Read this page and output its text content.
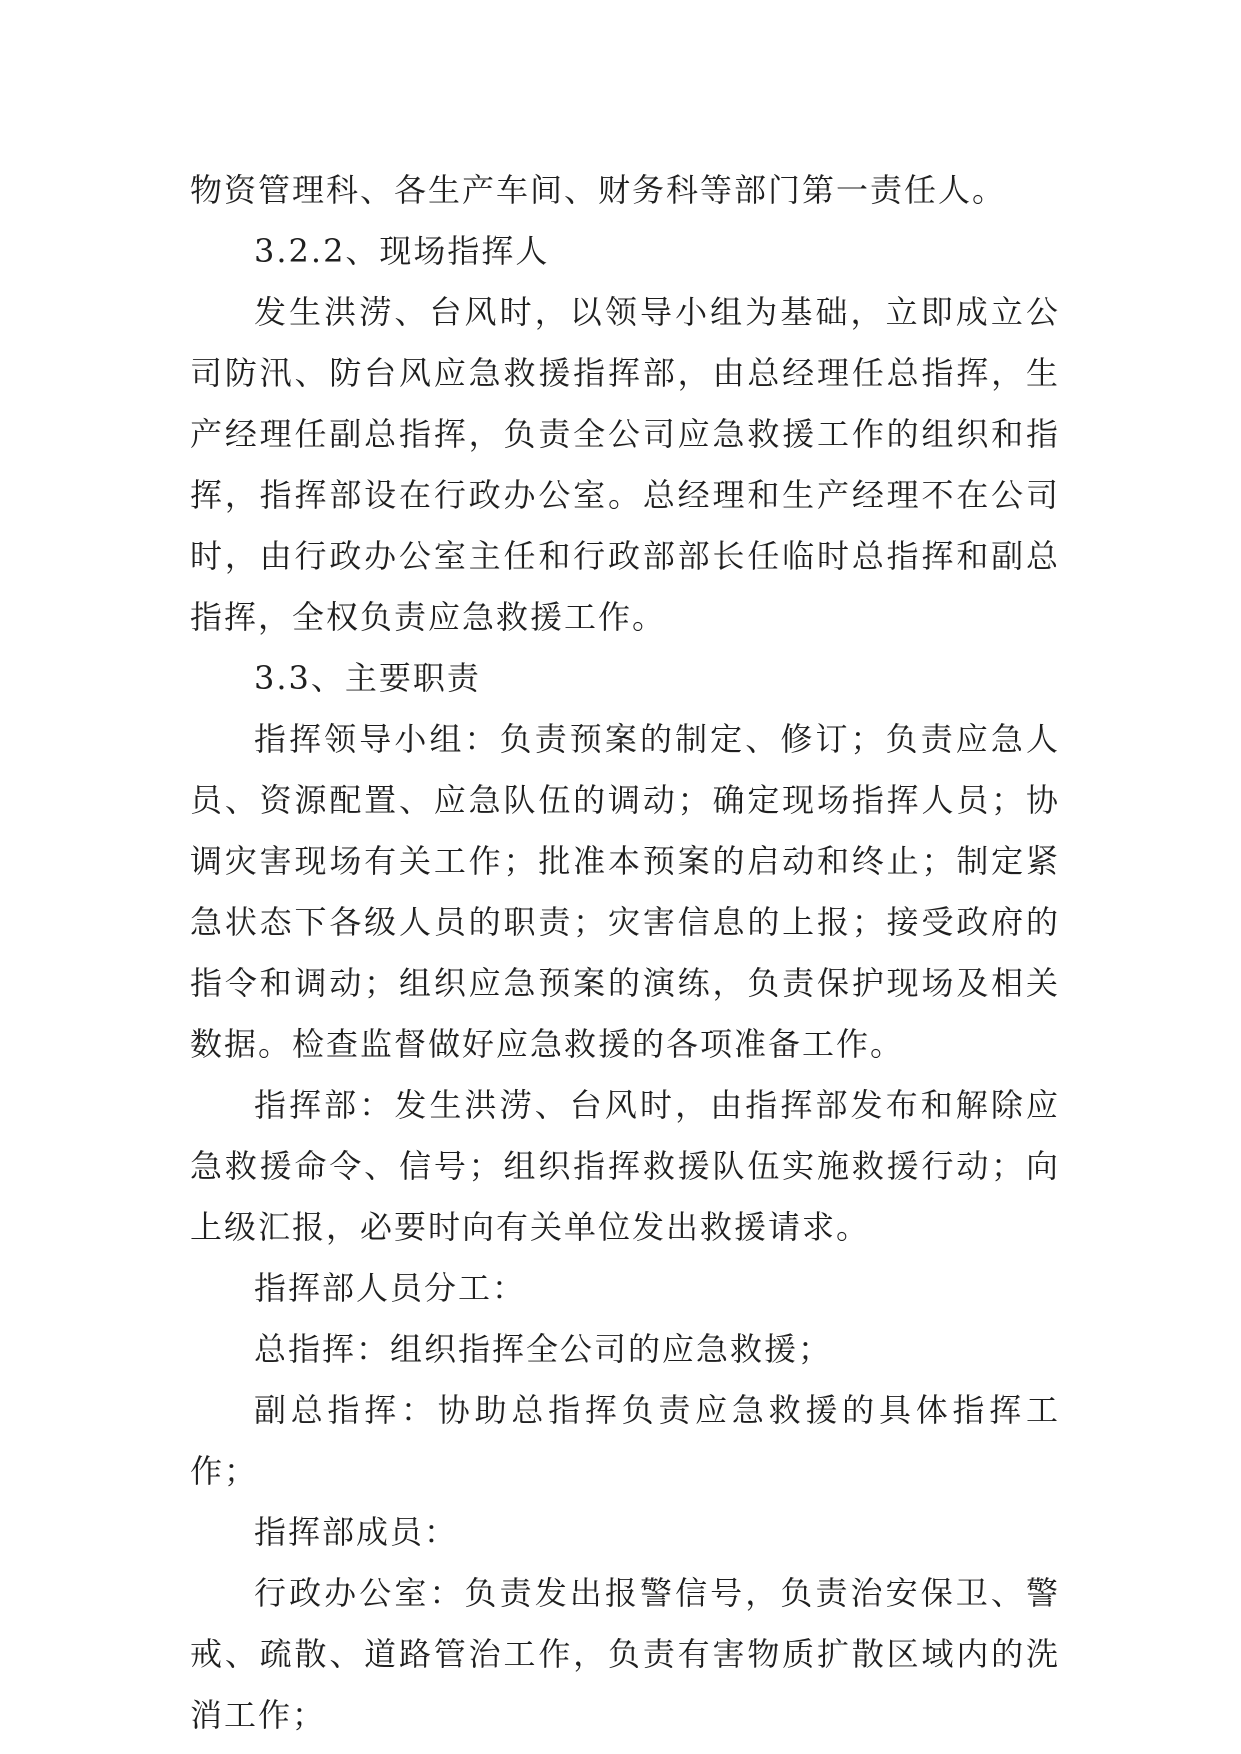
物资管理科、各生产车间、财务科等部门第一责任人。

3.2.2、现场指挥人

发生洪涝、台风时，以领导小组为基础，立即成立公司防汛、防台风应急救援指挥部，由总经理任总指挥，生产经理任副总指挥，负责全公司应急救援工作的组织和指挥，指挥部设在行政办公室。总经理和生产经理不在公司时，由行政办公室主任和行政部部长任临时总指挥和副总指挥，全权负责应急救援工作。

3.3、主要职责

指挥领导小组：负责预案的制定、修订；负责应急人员、资源配置、应急队伍的调动；确定现场指挥人员；协调灾害现场有关工作；批准本预案的启动和终止；制定紧急状态下各级人员的职责；灾害信息的上报；接受政府的指令和调动；组织应急预案的演练，负责保护现场及相关数据。检查监督做好应急救援的各项准备工作。

指挥部：发生洪涝、台风时，由指挥部发布和解除应急救援命令、信号；组织指挥救援队伍实施救援行动；向上级汇报，必要时向有关单位发出救援请求。

指挥部人员分工：

总指挥：组织指挥全公司的应急救援；

副总指挥：协助总指挥负责应急救援的具体指挥工作；

指挥部成员：

行政办公室：负责发出报警信号，负责治安保卫、警戒、疏散、道路管治工作，负责有害物质扩散区域内的洗消工作；
